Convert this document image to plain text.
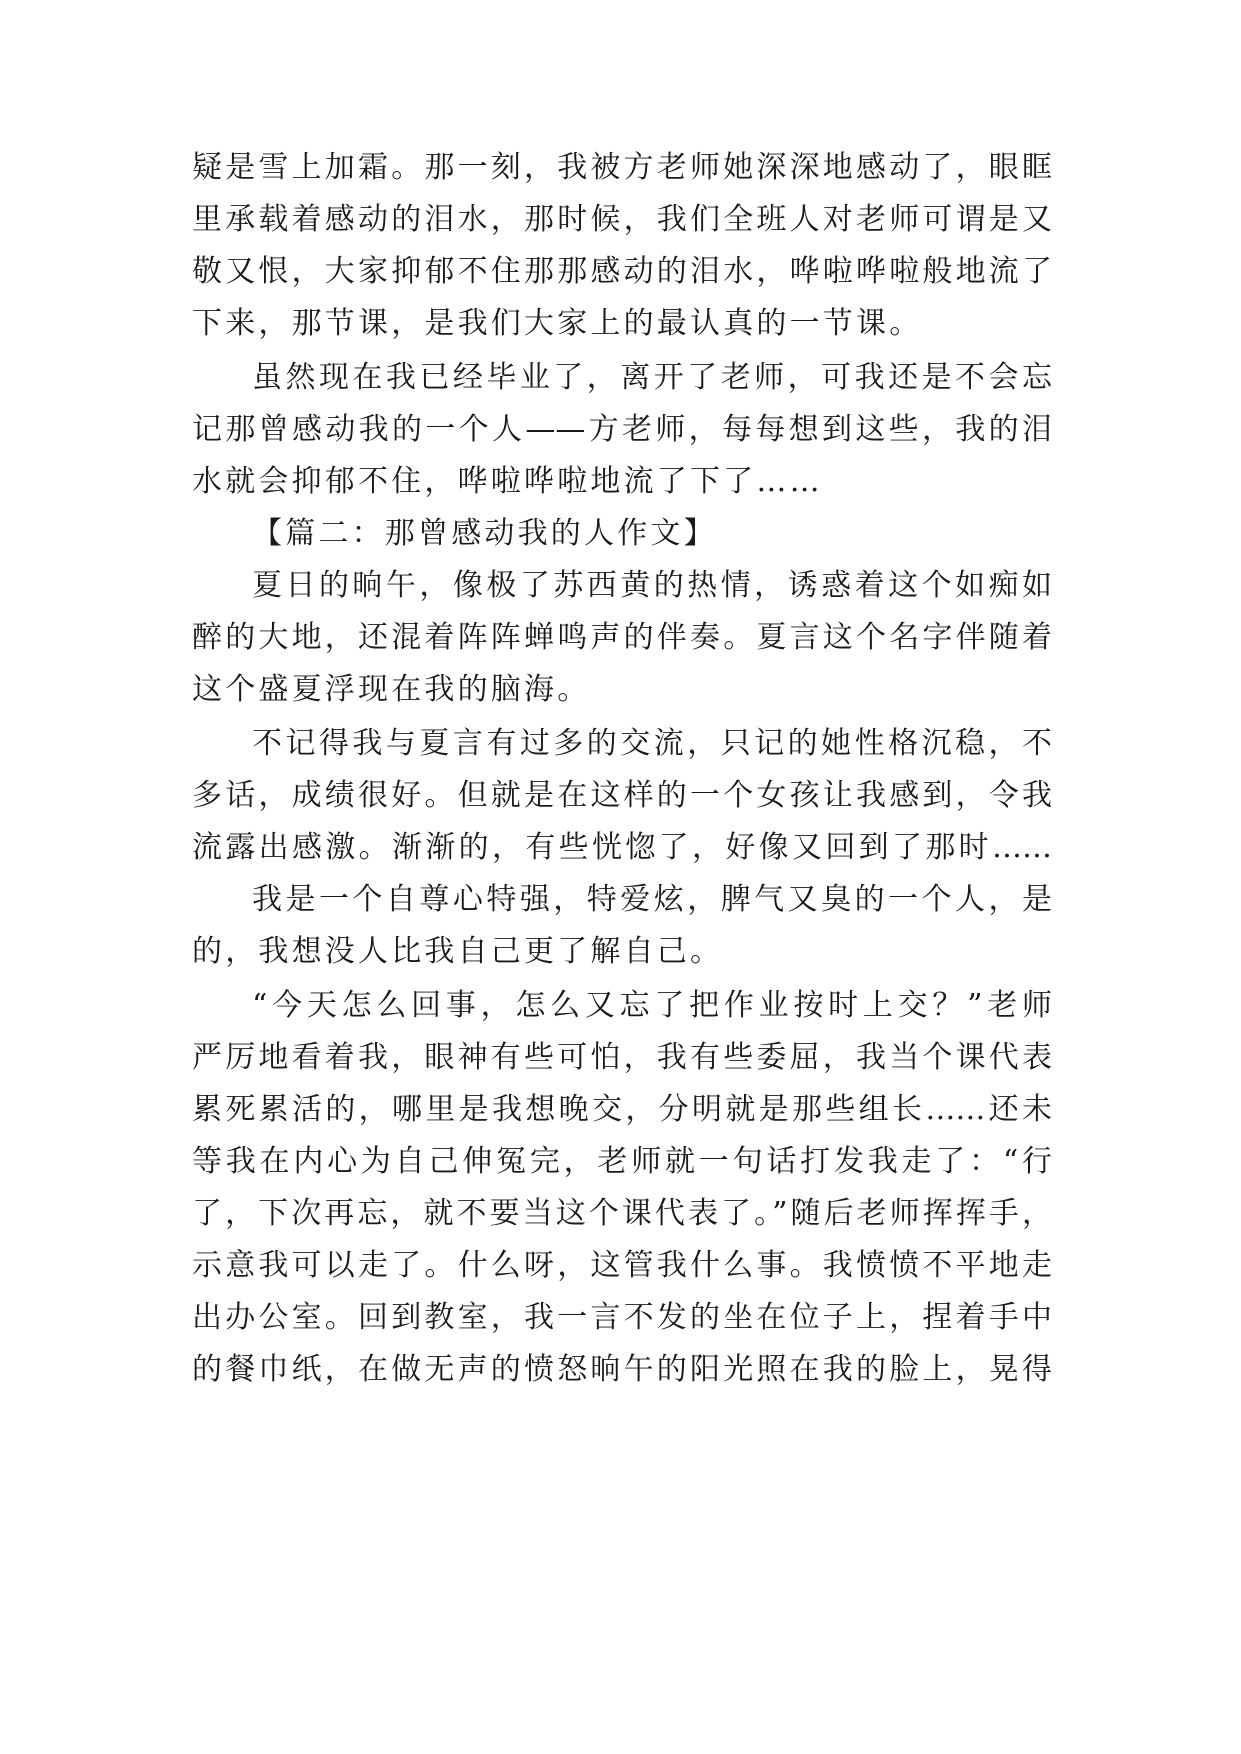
疑是雪上加霜。那一刻，我被方老师她深深地感动了，眼眶
里承载着感动的泪水，那时候，我们全班人对老师可谓是又
敬又恨，大家抑郁不住那那感动的泪水，哗啦哗啦般地流了
下来，那节课，是我们大家上的最认真的一节课。
虽然现在我已经毕业了，离开了老师，可我还是不会忘
记那曾感动我的一个人——方老师，每每想到这些，我的泪
水就会抑郁不住，哗啦哗啦地流了下了……
【篇二：那曾感动我的人作文】
夏日的晌午，像极了苏西黄的热情，诱惑着这个如痴如
醉的大地，还混着阵阵蝉鸣声的伴奏。夏言这个名字伴随着
这个盛夏浮现在我的脑海。
不记得我与夏言有过多的交流，只记的她性格沉稳，不
多话，成绩很好。但就是在这样的一个女孩让我感到，令我
流露出感激。渐渐的，有些恍惚了，好像又回到了那时……
我是一个自尊心特强，特爱炫，脾气又臭的一个人，是
的，我想没人比我自己更了解自己。
“今天怎么回事，怎么又忘了把作业按时上交？”老师
严厉地看着我，眼神有些可怕，我有些委屈，我当个课代表
累死累活的，哪里是我想晚交，分明就是那些组长……还未
等我在内心为自己伸冤完，老师就一句话打发我走了：“行
了，下次再忘，就不要当这个课代表了。”随后老师挥挥手，
示意我可以走了。什么呀，这管我什么事。我愤愤不平地走
出办公室。回到教室，我一言不发的坐在位子上，捏着手中
的餐巾纸，在做无声的愤怒晌午的阳光照在我的脸上，晃得
